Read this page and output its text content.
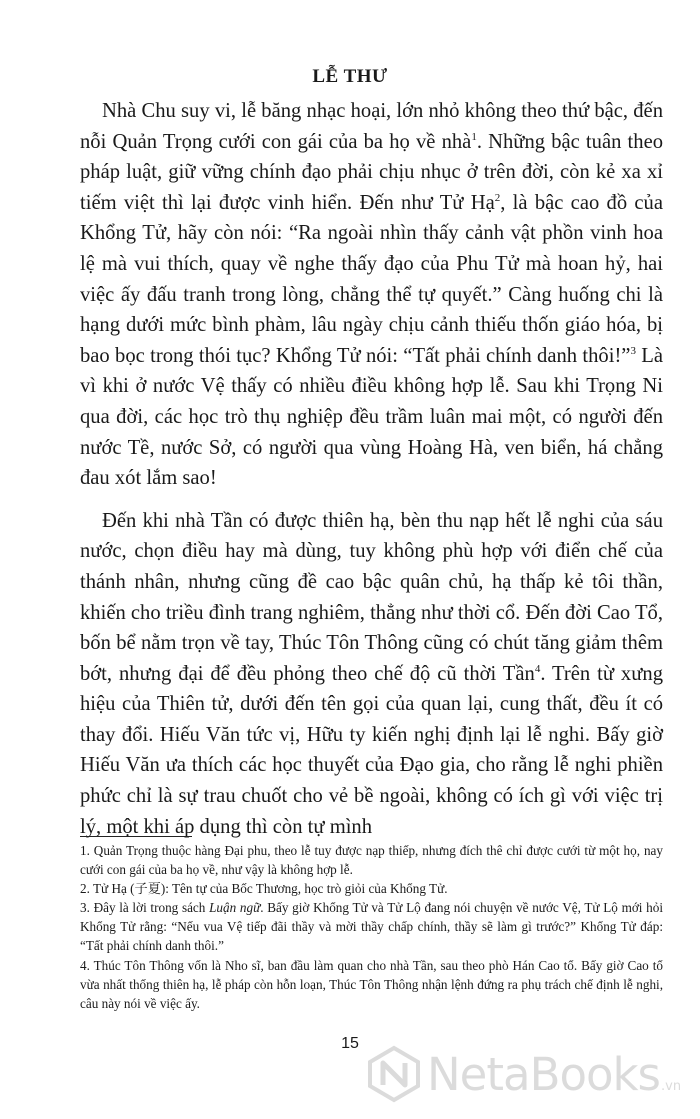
LỄ THƯ

Nhà Chu suy vi, lễ băng nhạc hoại, lớn nhỏ không theo thứ bậc, đến nỗi Quản Trọng cưới con gái của ba họ về nhà$^1$. Những bậc tuân theo pháp luật, giữ vững chính đạo phải chịu nhục ở trên đời, còn kẻ xa xỉ tiếm việt thì lại được vinh hiển. Đến như Tử Hạ$^2$, là bậc cao đồ của Khổng Tử, hãy còn nói: “Ra ngoài nhìn thấy cảnh vật phồn vinh hoa lệ mà vui thích, quay về nghe thấy đạo của Phu Tử mà hoan hỷ, hai việc ấy đấu tranh trong lòng, chẳng thể tự quyết.” Càng huống chi là hạng dưới mức bình phàm, lâu ngày chịu cảnh thiếu thốn giáo hóa, bị bao bọc trong thói tục? Khổng Tử nói: “Tất phải chính danh thôi!”$^3$ Là vì khi ở nước Vệ thấy có nhiều điều không hợp lễ. Sau khi Trọng Ni qua đời, các học trò thụ nghiệp đều trầm luân mai một, có người đến nước Tề, nước Sở, có người qua vùng Hoàng Hà, ven biển, há chẳng đau xót lắm sao!

Đến khi nhà Tần có được thiên hạ, bèn thu nạp hết lễ nghi của sáu nước, chọn điều hay mà dùng, tuy không phù hợp với điển chế của thánh nhân, nhưng cũng đề cao bậc quân chủ, hạ thấp kẻ tôi thần, khiến cho triều đình trang nghiêm, thẳng như thời cổ. Đến đời Cao Tổ, bốn bể nằm trọn về tay, Thúc Tôn Thông cũng có chút tăng giảm thêm bớt, nhưng đại để đều phỏng theo chế độ cũ thời Tần$^4$. Trên từ xưng hiệu của Thiên tử, dưới đến tên gọi của quan lại, cung thất, đều ít có thay đổi. Hiếu Văn tức vị, Hữu ty kiến nghị định lại lễ nghi. Bấy giờ Hiếu Văn ưa thích các học thuyết của Đạo gia, cho rằng lễ nghi phiền phức chỉ là sự trau chuốt cho vẻ bề ngoài, không có ích gì với việc trị lý, một khi áp dụng thì còn tự mình

1. Quản Trọng thuộc hàng Đại phu, theo lễ tuy được nạp thiếp, nhưng đích thê chỉ được cưới từ một họ, nay cưới con gái của ba họ về, như vậy là không hợp lễ.

2. Tử Hạ (子夏): Tên tự của Bốc Thương, học trò giỏi của Khổng Tử.

3. Đây là lời trong sách Luận ngữ. Bấy giờ Khổng Tử và Tử Lộ đang nói chuyện về nước Vệ, Tử Lộ mới hỏi Khổng Tử rằng: “Nếu vua Vệ tiếp đãi thầy và mời thầy chấp chính, thầy sẽ làm gì trước?” Khổng Tử đáp: “Tất phải chính danh thôi.”

4. Thúc Tôn Thông vốn là Nho sĩ, ban đầu làm quan cho nhà Tần, sau theo phò Hán Cao tổ. Bấy giờ Cao tổ vừa nhất thống thiên hạ, lễ pháp còn hỗn loạn, Thúc Tôn Thông nhận lệnh đứng ra phụ trách chế định lễ nghi, câu này nói về việc ấy.

15
NetaBooks .vn
